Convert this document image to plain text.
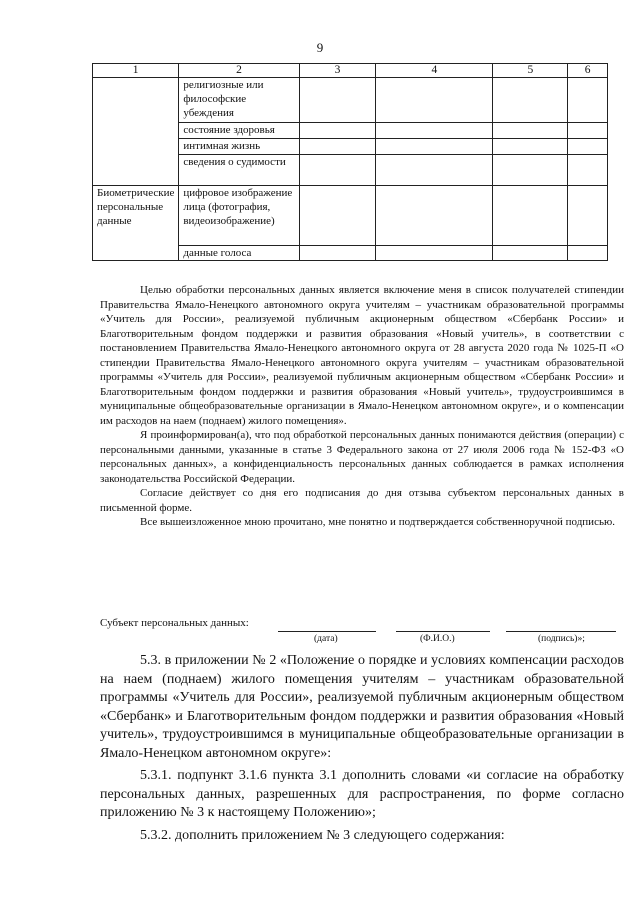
9
1	2	3	4	5	6
	религиозные или философские убеждения				
	состояние здоровья				
	интимная жизнь				
	сведения о судимости				
Биометрические персональные данные	цифровое изображение лица (фотография, видеоизображение)				
	данные голоса				

Целью обработки персональных данных является включение меня в список получателей стипендии Правительства Ямало-Ненецкого автономного округа учителям – участникам образовательной программы «Учитель для России», реализуемой публичным акционерным обществом «Сбербанк России» и Благотворительным фондом поддержки и развития образования «Новый учитель», в соответствии с постановлением Правительства Ямало-Ненецкого автономного округа от 28 августа 2020 года № 1025-П «О стипендии Правительства Ямало-Ненецкого автономного округа учителям – участникам образовательной программы «Учитель для России», реализуемой публичным акционерным обществом «Сбербанк России» и Благотворительным фондом поддержки и развития образования «Новый учитель», трудоустроившимся в муниципальные общеобразовательные организации в Ямало-Ненецком автономном округе», и о компенсации им расходов на наем (поднаем) жилого помещения».

Я проинформирован(а), что под обработкой персональных данных понимаются действия (операции) с персональными данными, указанные в статье 3 Федерального закона от 27 июля 2006 года № 152-ФЗ «О персональных данных», а конфиденциальность персональных данных соблюдается в рамках исполнения законодательства Российской Федерации.

Согласие действует со дня его подписания до дня отзыва субъектом персональных данных в письменной форме.

Все вышеизложенное мною прочитано, мне понятно и подтверждается собственноручной подписью.

Субъект персональных данных:
(дата)	(Ф.И.О.)	(подпись)»;

5.3. в приложении № 2 «Положение о порядке и условиях компенсации расходов на наем (поднаем) жилого помещения учителям – участникам образовательной программы «Учитель для России», реализуемой публичным акционерным обществом «Сбербанк» и Благотворительным фондом поддержки и развития образования «Новый учитель», трудоустроившимся в муниципальные общеобразовательные организации в Ямало-Ненецком автономном округе»:

5.3.1. подпункт 3.1.6 пункта 3.1 дополнить словами «и согласие на обработку персональных данных, разрешенных для распространения, по форме согласно приложению № 3 к настоящему Положению»;

5.3.2. дополнить приложением № 3 следующего содержания:
